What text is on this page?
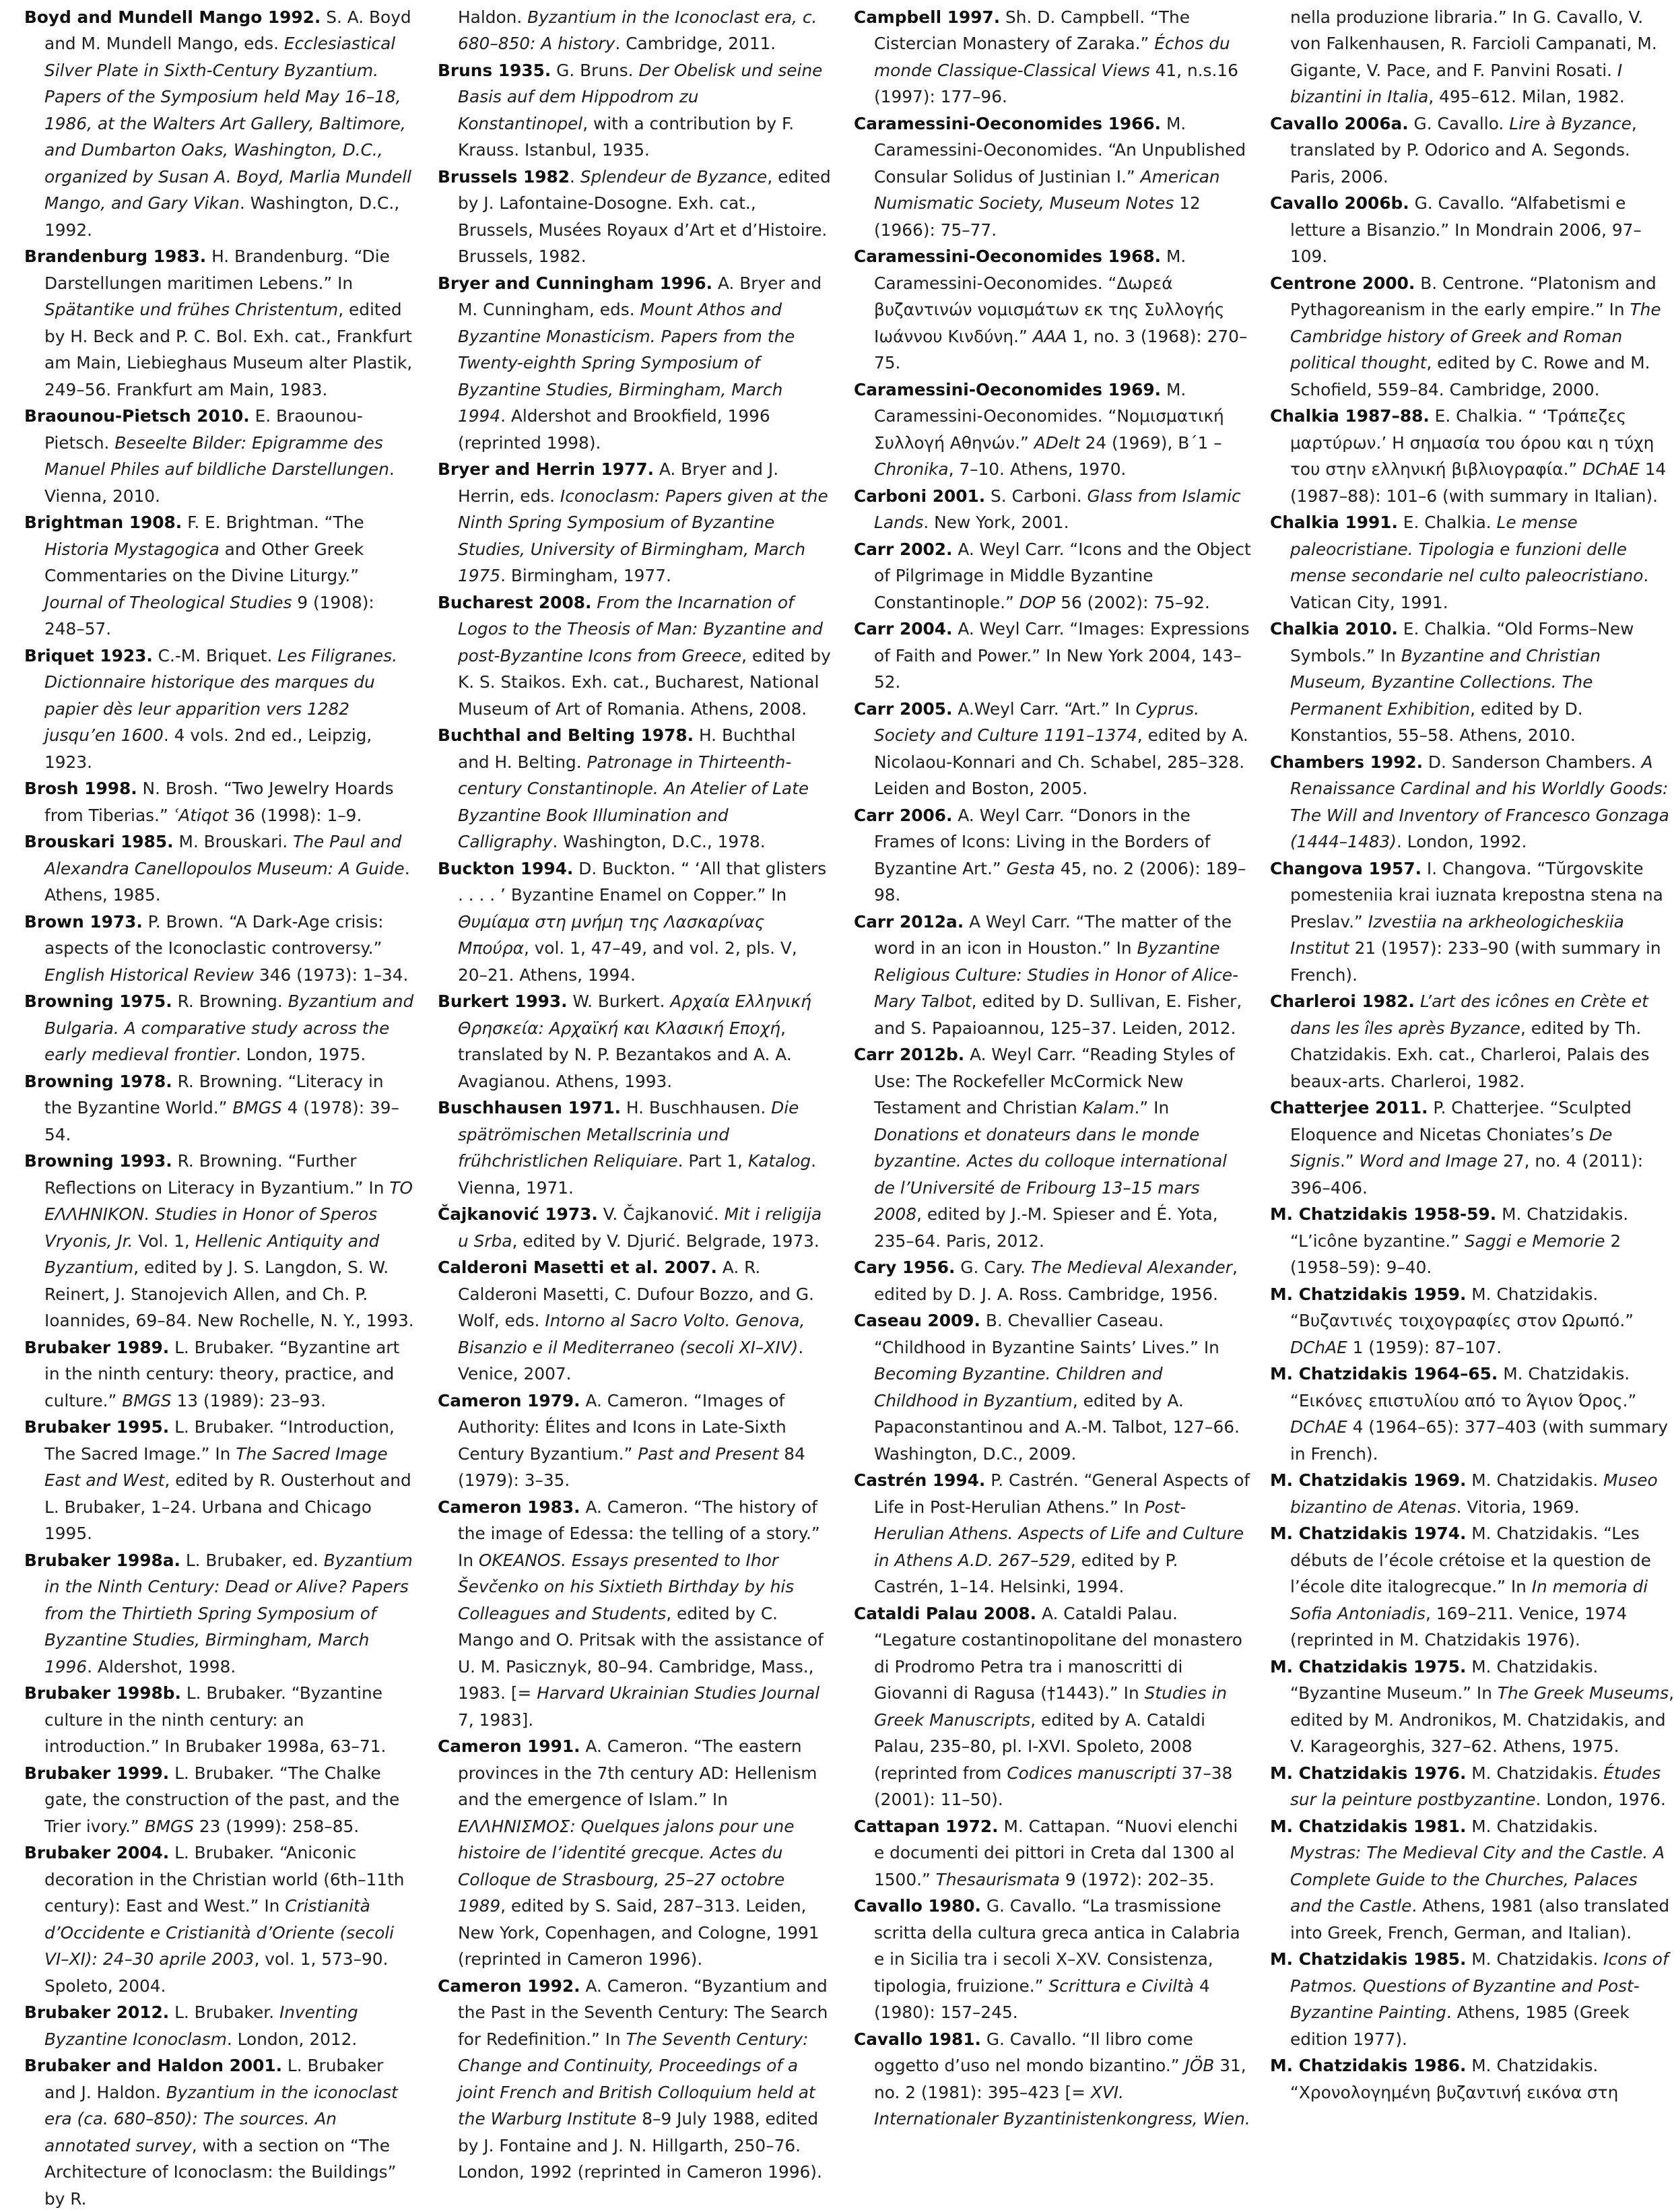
Boyd and Mundell Mango 1992. S. A. Boyd and M. Mundell Mango, eds. Ecclesiastical Silver Plate in Sixth-Century Byzantium. Papers of the Symposium held May 16–18, 1986, at the Walters Art Gallery, Baltimore, and Dumbarton Oaks, Washington, D.C., organized by Susan A. Boyd, Marlia Mundell Mango, and Gary Vikan. Washington, D.C., 1992.

Brandenburg 1983. H. Brandenburg. “Die Darstellungen maritimen Lebens.” In Spätantike und frühes Christentum, edited by H. Beck and P. C. Bol. Exh. cat., Frankfurt am Main, Liebieghaus Museum alter Plastik, 249–56. Frankfurt am Main, 1983.

Braounou-Pietsch 2010. E. Braounou-Pietsch. Beseelte Bilder: Epigramme des Manuel Philes auf bildliche Darstellungen. Vienna, 2010.

Brightman 1908. F. E. Brightman. “The Historia Mystagogica and Other Greek Commentaries on the Divine Liturgy.” Journal of Theological Studies 9 (1908): 248–57.

Briquet 1923. C.-M. Briquet. Les Filigranes. Dictionnaire historique des marques du papier dès leur apparition vers 1282 jusqu’en 1600. 4 vols. 2nd ed., Leipzig, 1923.

Brosh 1998. N. Brosh. “Two Jewelry Hoards from Tiberias.” ʿAtiqot 36 (1998): 1–9.

Brouskari 1985. M. Brouskari. The Paul and Alexandra Canellopoulos Museum: A Guide. Athens, 1985.

Brown 1973. P. Brown. “A Dark-Age crisis: aspects of the Iconoclastic controversy.” English Historical Review 346 (1973): 1–34.

Browning 1975. R. Browning. Byzantium and Bulgaria. A comparative study across the early medieval frontier. London, 1975.

Browning 1978. R. Browning. “Literacy in the Byzantine World.” BMGS 4 (1978): 39–54.

Browning 1993. R. Browning. “Further Reflections on Literacy in Byzantium.” In ΤΟ ΕΛΛΗΝΙΚΟΝ. Studies in Honor of Speros Vryonis, Jr. Vol. 1, Hellenic Antiquity and Byzantium, edited by J. S. Langdon, S. W. Reinert, J. Stanojevich Allen, and Ch. P. Ioannides, 69–84. New Rochelle, N. Y., 1993.

Brubaker 1989. L. Brubaker. “Byzantine art in the ninth century: theory, practice, and culture.” BMGS 13 (1989): 23–93.

Brubaker 1995. L. Brubaker. “Introduction, The Sacred Image.” In The Sacred Image East and West, edited by R. Ousterhout and L. Brubaker, 1–24. Urbana and Chicago 1995.

Brubaker 1998a. L. Brubaker, ed. Byzantium in the Ninth Century: Dead or Alive? Papers from the Thirtieth Spring Symposium of Byzantine Studies, Birmingham, March 1996. Aldershot, 1998.

Brubaker 1998b. L. Brubaker. “Byzantine culture in the ninth century: an introduction.” In Brubaker 1998a, 63–71.

Brubaker 1999. L. Brubaker. “The Chalke gate, the construction of the past, and the Trier ivory.” BMGS 23 (1999): 258–85.

Brubaker 2004. L. Brubaker. “Aniconic decoration in the Christian world (6th–11th century): East and West.” In Cristianità d’Occidente e Cristianità d’Oriente (secoli VI–XI): 24–30 aprile 2003, vol. 1, 573–90. Spoleto, 2004.

Brubaker 2012. L. Brubaker. Inventing Byzantine Iconoclasm. London, 2012.

Brubaker and Haldon 2001. L. Brubaker and J. Haldon. Byzantium in the iconoclast era (ca. 680–850): The sources. An annotated survey, with a section on “The Architecture of Iconoclasm: the Buildings” by R.

Haldon. Byzantium in the Iconoclast era, c. 680–850: A history. Cambridge, 2011.

Bruns 1935. G. Bruns. Der Obelisk und seine Basis auf dem Hippodrom zu Konstantinopel, with a contribution by F. Krauss. Istanbul, 1935.

Brussels 1982. Splendeur de Byzance, edited by J. Lafontaine-Dosogne. Exh. cat., Brussels, Musées Royaux d’Art et d’Histoire. Brussels, 1982.

Bryer and Cunningham 1996. A. Bryer and M. Cunningham, eds. Mount Athos and Byzantine Monasticism. Papers from the Twenty-eighth Spring Symposium of Byzantine Studies, Birmingham, March 1994. Aldershot and Brookfield, 1996 (reprinted 1998).

Bryer and Herrin 1977. A. Bryer and J. Herrin, eds. Iconoclasm: Papers given at the Ninth Spring Symposium of Byzantine Studies, University of Birmingham, March 1975. Birmingham, 1977.

Bucharest 2008. From the Incarnation of Logos to the Theosis of Man: Byzantine and post-Byzantine Icons from Greece, edited by K. S. Staikos. Exh. cat., Bucharest, National Museum of Art of Romania. Athens, 2008.

Buchthal and Belting 1978. H. Buchthal and H. Belting. Patronage in Thirteenth-century Constantinople. An Atelier of Late Byzantine Book Illumination and Calligraphy. Washington, D.C., 1978.

Buckton 1994. D. Buckton. “ ‘All that glisters . . . . ’ Byzantine Enamel on Copper.” In Θυμίαμα στη μνήμη της Λασκαρίνας Μπούρα, vol. 1, 47–49, and vol. 2, pls. V, 20–21. Athens, 1994.

Burkert 1993. W. Burkert. Αρχαία Ελληνική Θρησκεία: Αρχαϊκή και Κλασική Εποχή, translated by N. P. Bezantakos and A. A. Avagianou. Athens, 1993.

Buschhausen 1971. H. Buschhausen. Die spätrömischen Metallscrinia und frühchristlichen Reliquiare. Part 1, Katalog. Vienna, 1971.

Čajkanović 1973. V. Čajkanović. Mit i religija u Srba, edited by V. Djurić. Belgrade, 1973.

Calderoni Masetti et al. 2007. A. R. Calderoni Masetti, C. Dufour Bozzo, and G. Wolf, eds. Intorno al Sacro Volto. Genova, Bisanzio e il Mediterraneo (secoli XI–XIV). Venice, 2007.

Cameron 1979. A. Cameron. “Images of Authority: Élites and Icons in Late-Sixth Century Byzantium.” Past and Present 84 (1979): 3–35.

Cameron 1983. A. Cameron. “The history of the image of Edessa: the telling of a story.” In OKEANOS. Essays presented to Ihor Ševčenko on his Sixtieth Birthday by his Colleagues and Students, edited by C. Mango and O. Pritsak with the assistance of U. M. Pasicznyk, 80–94. Cambridge, Mass., 1983. [= Harvard Ukrainian Studies Journal 7, 1983].

Cameron 1991. A. Cameron. “The eastern provinces in the 7th century AD: Hellenism and the emergence of Islam.” In ΕΛΛΗΝΙΣΜΟΣ: Quelques jalons pour une histoire de l’identité grecque. Actes du Colloque de Strasbourg, 25–27 octobre 1989, edited by S. Said, 287–313. Leiden, New York, Copenhagen, and Cologne, 1991 (reprinted in Cameron 1996).

Cameron 1992. A. Cameron. “Byzantium and the Past in the Seventh Century: The Search for Redefinition.” In The Seventh Century: Change and Continuity, Proceedings of a joint French and British Colloquium held at the Warburg Institute 8–9 July 1988, edited by J. Fontaine and J. N. Hillgarth, 250–76. London, 1992 (reprinted in Cameron 1996).

Campbell 1997. Sh. D. Campbell. “The Cistercian Monastery of Zaraka.” Échos du monde Classique-Classical Views 41, n.s.16 (1997): 177–96.

Caramessini-Oeconomides 1966. M. Caramessini-Oeconomides. “An Unpublished Consular Solidus of Justinian I.” American Numismatic Society, Museum Notes 12 (1966): 75–77.

Caramessini-Oeconomides 1968. M. Caramessini-Oeconomides. “Δωρεά βυζαντινών νομισμάτων εκ της Συλλογής Ιωάννου Κινδύνη.” AAA 1, no. 3 (1968): 270–75.

Caramessini-Oeconomides 1969. M. Caramessini-Oeconomides. “Νομισματική Συλλογή Αθηνών.” ADelt 24 (1969), Β΄1 – Chronika, 7–10. Athens, 1970.

Carboni 2001. S. Carboni. Glass from Islamic Lands. New York, 2001.

Carr 2002. A. Weyl Carr. “Icons and the Object of Pilgrimage in Middle Byzantine Constantinople.” DOP 56 (2002): 75–92.

Carr 2004. A. Weyl Carr. “Images: Expressions of Faith and Power.” In New York 2004, 143–52.

Carr 2005. A.Weyl Carr. “Art.” In Cyprus. Society and Culture 1191–1374, edited by A. Nicolaou-Konnari and Ch. Schabel, 285–328. Leiden and Boston, 2005.

Carr 2006. A. Weyl Carr. “Donors in the Frames of Icons: Living in the Borders of Byzantine Art.” Gesta 45, no. 2 (2006): 189–98.

Carr 2012a. A Weyl Carr. “The matter of the word in an icon in Houston.” In Byzantine Religious Culture: Studies in Honor of Alice-Mary Talbot, edited by D. Sullivan, E. Fisher, and S. Papaioannou, 125–37. Leiden, 2012.

Carr 2012b. A. Weyl Carr. “Reading Styles of Use: The Rockefeller McCormick New Testament and Christian Kalam.” In Donations et donateurs dans le monde byzantine. Actes du colloque international de l’Université de Fribourg 13–15 mars 2008, edited by J.-M. Spieser and É. Yota, 235–64. Paris, 2012.

Cary 1956. G. Cary. The Medieval Alexander, edited by D. J. A. Ross. Cambridge, 1956.

Caseau 2009. B. Chevallier Caseau. “Childhood in Byzantine Saints’ Lives.” In Becoming Byzantine. Children and Childhood in Byzantium, edited by A. Papaconstantinou and A.-M. Talbot, 127–66. Washington, D.C., 2009.

Castrén 1994. P. Castrén. “General Aspects of Life in Post-Herulian Athens.” In Post-Herulian Athens. Aspects of Life and Culture in Athens A.D. 267–529, edited by P. Castrén, 1–14. Helsinki, 1994.

Cataldi Palau 2008. A. Cataldi Palau. “Legature costantinopolitane del monastero di Prodromo Petra tra i manoscritti di Giovanni di Ragusa (†1443).” In Studies in Greek Manuscripts, edited by A. Cataldi Palau, 235–80, pl. I-XVI. Spoleto, 2008 (reprinted from Codices manuscripti 37–38 (2001): 11–50).

Cattapan 1972. M. Cattapan. “Nuovi elenchi e documenti dei pittori in Creta dal 1300 al 1500.” Thesaurismata 9 (1972): 202–35.

Cavallo 1980. G. Cavallo. “La trasmissione scritta della cultura greca antica in Calabria e in Sicilia tra i secoli X–XV. Consistenza, tipologia, fruizione.” Scrittura e Civiltà 4 (1980): 157–245.

Cavallo 1981. G. Cavallo. “Il libro come oggetto d’uso nel mondo bizantino.” JÖB 31, no. 2 (1981): 395–423 [= XVI. Internationaler Byzantinistenkongress, Wien.

nella produzione libraria.” In G. Cavallo, V. von Falkenhausen, R. Farcioli Campanati, M. Gigante, V. Pace, and F. Panvini Rosati. I bizantini in Italia, 495–612. Milan, 1982.

Cavallo 2006a. G. Cavallo. Lire à Byzance, translated by P. Odorico and A. Segonds. Paris, 2006.

Cavallo 2006b. G. Cavallo. “Alfabetismi e letture a Bisanzio.” In Mondrain 2006, 97–109.

Centrone 2000. B. Centrone. “Platonism and Pythagoreanism in the early empire.” In The Cambridge history of Greek and Roman political thought, edited by C. Rowe and M. Schofield, 559–84. Cambridge, 2000.

Chalkia 1987–88. E. Chalkia. “ ‘Τράπεζες μαρτύρων.’ Η σημασία του όρου και η τύχη του στην ελληνική βιβλιογραφία.” DChAE 14 (1987–88): 101–6 (with summary in Italian).

Chalkia 1991. E. Chalkia. Le mense paleocristiane. Tipologia e funzioni delle mense secondarie nel culto paleocristiano. Vatican City, 1991.

Chalkia 2010. E. Chalkia. “Old Forms–New Symbols.” In Byzantine and Christian Museum, Byzantine Collections. The Permanent Exhibition, edited by D. Konstantios, 55–58. Athens, 2010.

Chambers 1992. D. Sanderson Chambers. A Renaissance Cardinal and his Worldly Goods: The Will and Inventory of Francesco Gonzaga (1444–1483). London, 1992.

Changova 1957. I. Changova. “Tŭrgovskite pomesteniia krai iuznata krepostna stena na Preslav.” Izvestiia na arkheologicheskiia Institut 21 (1957): 233–90 (with summary in French).

Charleroi 1982. L’art des icônes en Crète et dans les îles après Byzance, edited by Th. Chatzidakis. Exh. cat., Charleroi, Palais des beaux-arts. Charleroi, 1982.

Chatterjee 2011. P. Chatterjee. “Sculpted Eloquence and Nicetas Choniates’s De Signis.” Word and Image 27, no. 4 (2011): 396–406.

M. Chatzidakis 1958-59. M. Chatzidakis. “L’icône byzantine.” Saggi e Memorie 2 (1958–59): 9–40.

M. Chatzidakis 1959. M. Chatzidakis. “Βυζαντινές τοιχογραφίες στον Ωρωπό.” DChAE 1 (1959): 87–107.

M. Chatzidakis 1964–65. M. Chatzidakis. “Εικόνες επιστυλίου από το Άγιον Όρος.” DChAE 4 (1964–65): 377–403 (with summary in French).

M. Chatzidakis 1969. M. Chatzidakis. Museo bizantino de Atenas. Vitoria, 1969.

M. Chatzidakis 1974. M. Chatzidakis. “Les débuts de l’école crétoise et la question de l’école dite italogrecque.” In In memoria di Sofia Antoniadis, 169–211. Venice, 1974 (reprinted in M. Chatzidakis 1976).

M. Chatzidakis 1975. M. Chatzidakis. “Byzantine Museum.” In The Greek Museums, edited by M. Andronikos, M. Chatzidakis, and V. Karageorghis, 327–62. Athens, 1975.

M. Chatzidakis 1976. M. Chatzidakis. Études sur la peinture postbyzantine. London, 1976.

M. Chatzidakis 1981. M. Chatzidakis. Mystras: The Medieval City and the Castle. A Complete Guide to the Churches, Palaces and the Castle. Athens, 1981 (also translated into Greek, French, German, and Italian).

M. Chatzidakis 1985. M. Chatzidakis. Icons of Patmos. Questions of Byzantine and Post-Byzantine Painting. Athens, 1985 (Greek edition 1977).

M. Chatzidakis 1986. M. Chatzidakis. “Χρονολογημένη βυζαντινή εικόνα στη
